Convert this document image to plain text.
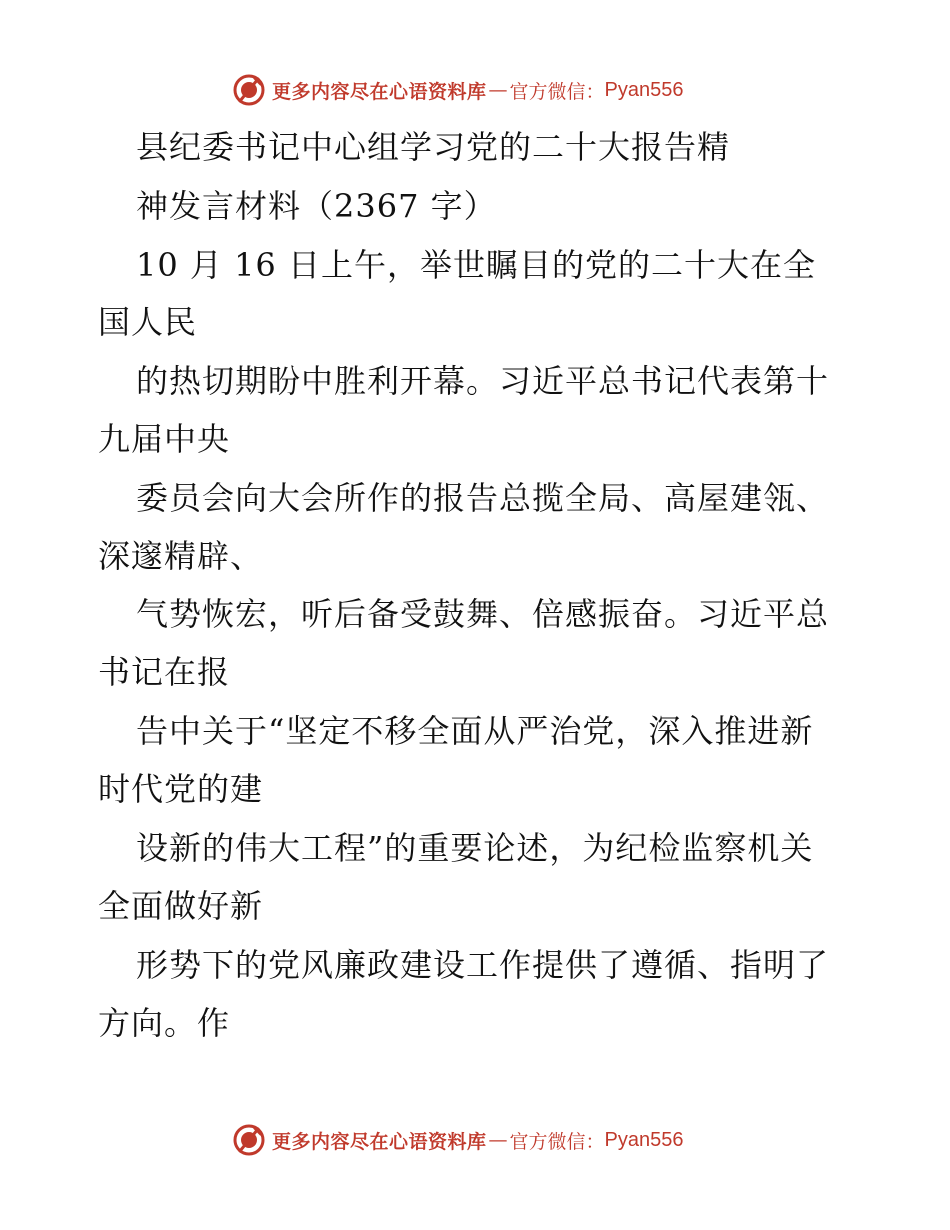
更多内容尽在心语资料库 — 官方微信： Pyan556
县纪委书记中心组学习党的二十大报告精
神发言材料（2367 字）
10 月 16 日上午，举世瞩目的党的二十大在全
国人民
的热切期盼中胜利开幕。习近平总书记代表第十
九届中央
委员会向大会所作的报告总揽全局、高屋建瓴、
深邃精辟、
气势恢宏，听后备受鼓舞、倍感振奋。习近平总
书记在报
告中关于“坚定不移全面从严治党，深入推进新
时代党的建
设新的伟大工程”的重要论述，为纪检监察机关
全面做好新
形势下的党风廉政建设工作提供了遵循、指明了
方向。作
更多内容尽在心语资料库 — 官方微信： Pyan556
